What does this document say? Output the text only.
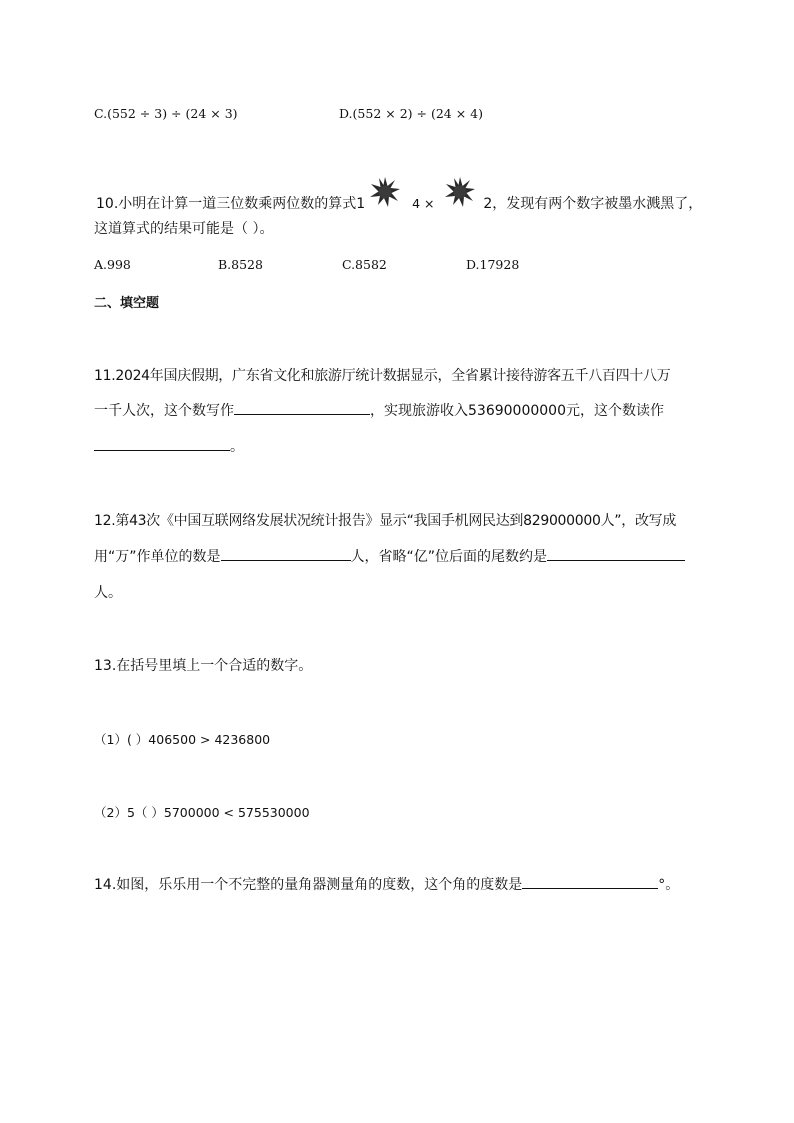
C.(552 ÷ 3) ÷ (24 × 3)	D.(552 × 2) ÷ (24 × 4)
10.小明在计算一道三位数乘两位数的算式1	4 ×	2，发现有两个数字被墨水溅黑了，
这道算式的结果可能是（ ）。
A.998	B.8528	C.8582	D.17928
二、填空题
11.2024年国庆假期，广东省文化和旅游厅统计数据显示，全省累计接待游客五千八百四十八万
一千人次，这个数写作	，实现旅游收入53690000000元，这个数读作
。
12.第43次《中国互联网络发展状况统计报告》显示“我国手机网民达到829000000人”，改写成
用“万”作单位的数是	人，省略“亿”位后面的尾数约是
人。
13.在括号里填上一个合适的数字。
（1）( ）406500 > 4236800
（2）5（ ）5700000 < 575530000
14.如图，乐乐用一个不完整的量角器测量角的度数，这个角的度数是	°。
